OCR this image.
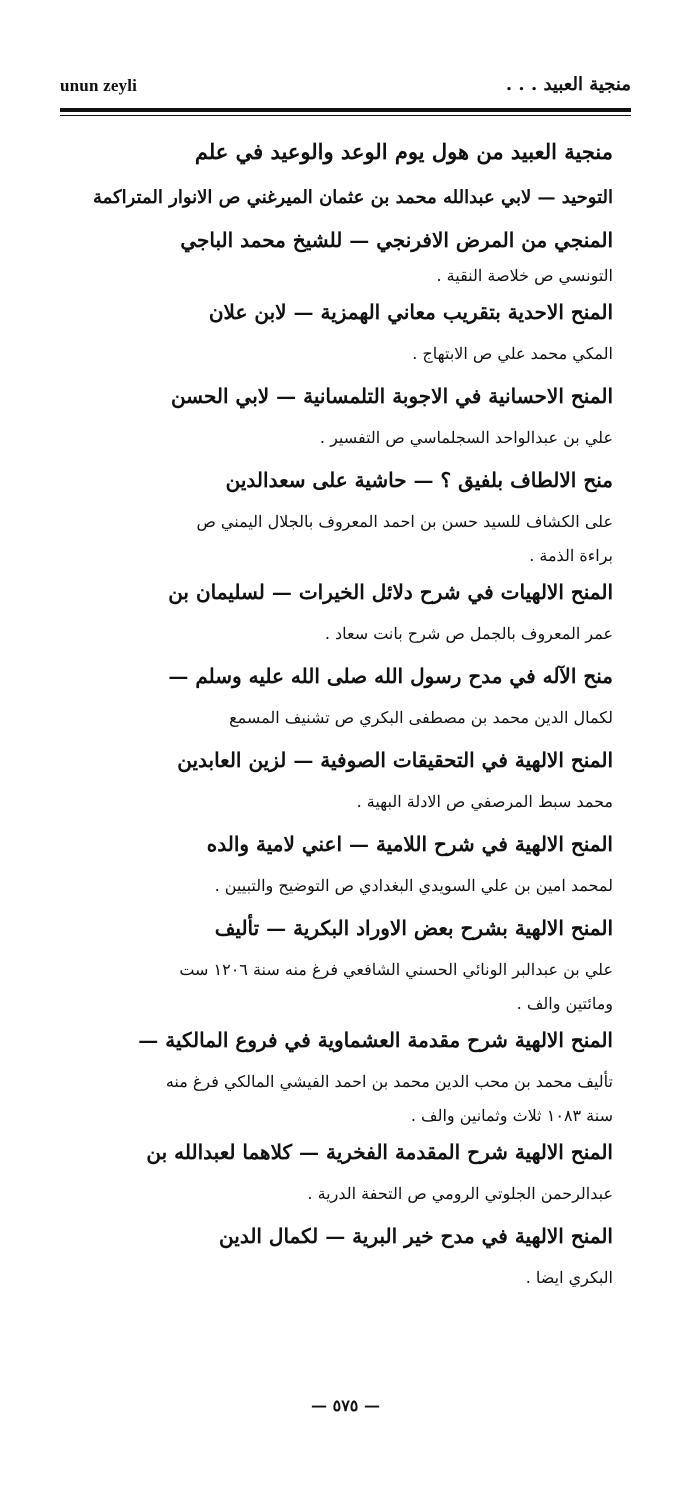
unun zeyli	منجية العبيد . . .
منجية العبيد من هول يوم الوعد والوعيد في علم
التوحيد — لابي عبدالله محمد بن عثمان الميرغني ص الانوار المتراكمة
المنجي من المرض الافرنجي — للشيخ محمد الباجي
التونسي ص خلاصة النقية .
المنح الاحدية بتقريب معاني الهمزية — لابن علان
المكي محمد علي ص الابتهاج .
المنح الاحسانية في الاجوبة التلمسانية — لابي الحسن
علي بن عبدالواحد السجلماسي ص التفسير .
منح الالطاف بلفيق ؟ — حاشية على سعدالدين
على الكشاف للسيد حسن بن احمد المعروف بالجلال اليمني ص
براءة الذمة .
المنح الالهيات في شرح دلائل الخيرات — لسليمان بن
عمر المعروف بالجمل ص شرح بانت سعاد .
منح الآله في مدح رسول الله صلى الله عليه وسلم —
لكمال الدين محمد بن مصطفى البكري ص تشنيف المسمع
المنح الالهية في التحقيقات الصوفية — لزين العابدين
محمد سبط المرصفي ص الادلة البهية .
المنح الالهية في شرح اللامية — اعني لامية والده
لمحمد امين بن علي السويدي البغدادي ص التوضيح والتبيين .
المنح الالهية بشرح بعض الاوراد البكرية — تأليف
علي بن عبدالبر الونائي الحسني الشافعي فرغ منه سنة ١٢٠٦ ست
ومائتين والف .
المنح الالهية شرح مقدمة العشماوية في فروع المالكية —
تأليف محمد بن محب الدين محمد بن احمد الفيشي المالكي فرغ منه
سنة ١٠٨٣ ثلاث وثمانين والف .
المنح الالهية شرح المقدمة الفخرية — كلاهما لعبدالله بن
عبدالرحمن الجلوتي الرومي ص التحفة الدرية .
المنح الالهية في مدح خير البرية — لكمال الدين
البكري ايضا .
— ٥٧٥ —
